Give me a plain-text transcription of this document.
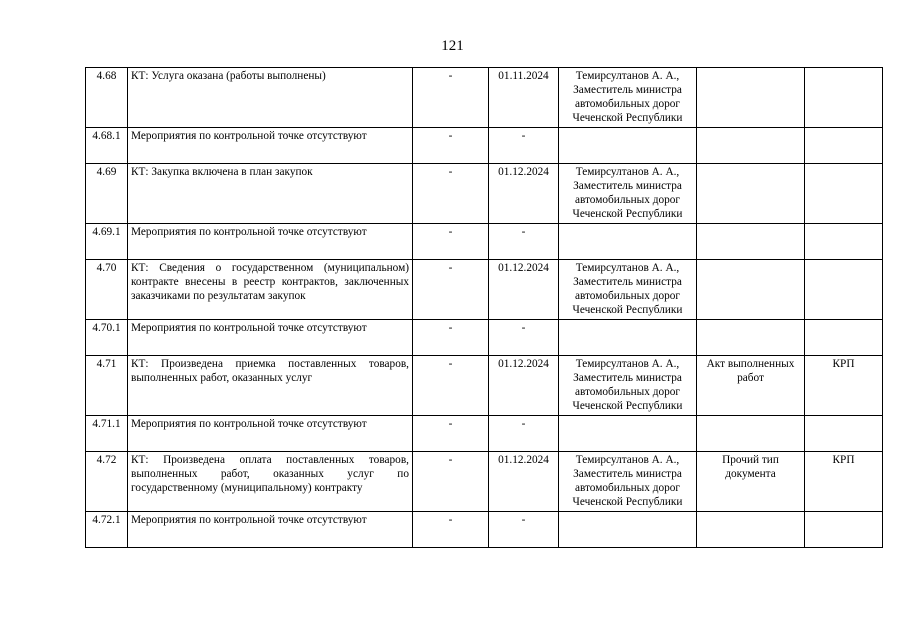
121
4.68	КТ: Услуга оказана (работы выполнены)	-	01.11.2024	Темирсултанов А. А., Заместитель министра автомобильных дорог Чеченской Республики		
4.68.1	Мероприятия по контрольной точке отсутствуют	-	-			
4.69	КТ: Закупка включена в план закупок	-	01.12.2024	Темирсултанов А. А., Заместитель министра автомобильных дорог Чеченской Республики		
4.69.1	Мероприятия по контрольной точке отсутствуют	-	-			
4.70	КТ: Сведения о государственном (муниципальном) контракте внесены в реестр контрактов, заключенных заказчиками по результатам закупок	-	01.12.2024	Темирсултанов А. А., Заместитель министра автомобильных дорог Чеченской Республики		
4.70.1	Мероприятия по контрольной точке отсутствуют	-	-			
4.71	КТ: Произведена приемка поставленных товаров, выполненных работ, оказанных услуг	-	01.12.2024	Темирсултанов А. А., Заместитель министра автомобильных дорог Чеченской Республики	Акт выполненных работ	КРП
4.71.1	Мероприятия по контрольной точке отсутствуют	-	-			
4.72	КТ: Произведена оплата поставленных товаров, выполненных работ, оказанных услуг по государственному (муниципальному) контракту	-	01.12.2024	Темирсултанов А. А., Заместитель министра автомобильных дорог Чеченской Республики	Прочий тип документа	КРП
4.72.1	Мероприятия по контрольной точке отсутствуют	-	-			
